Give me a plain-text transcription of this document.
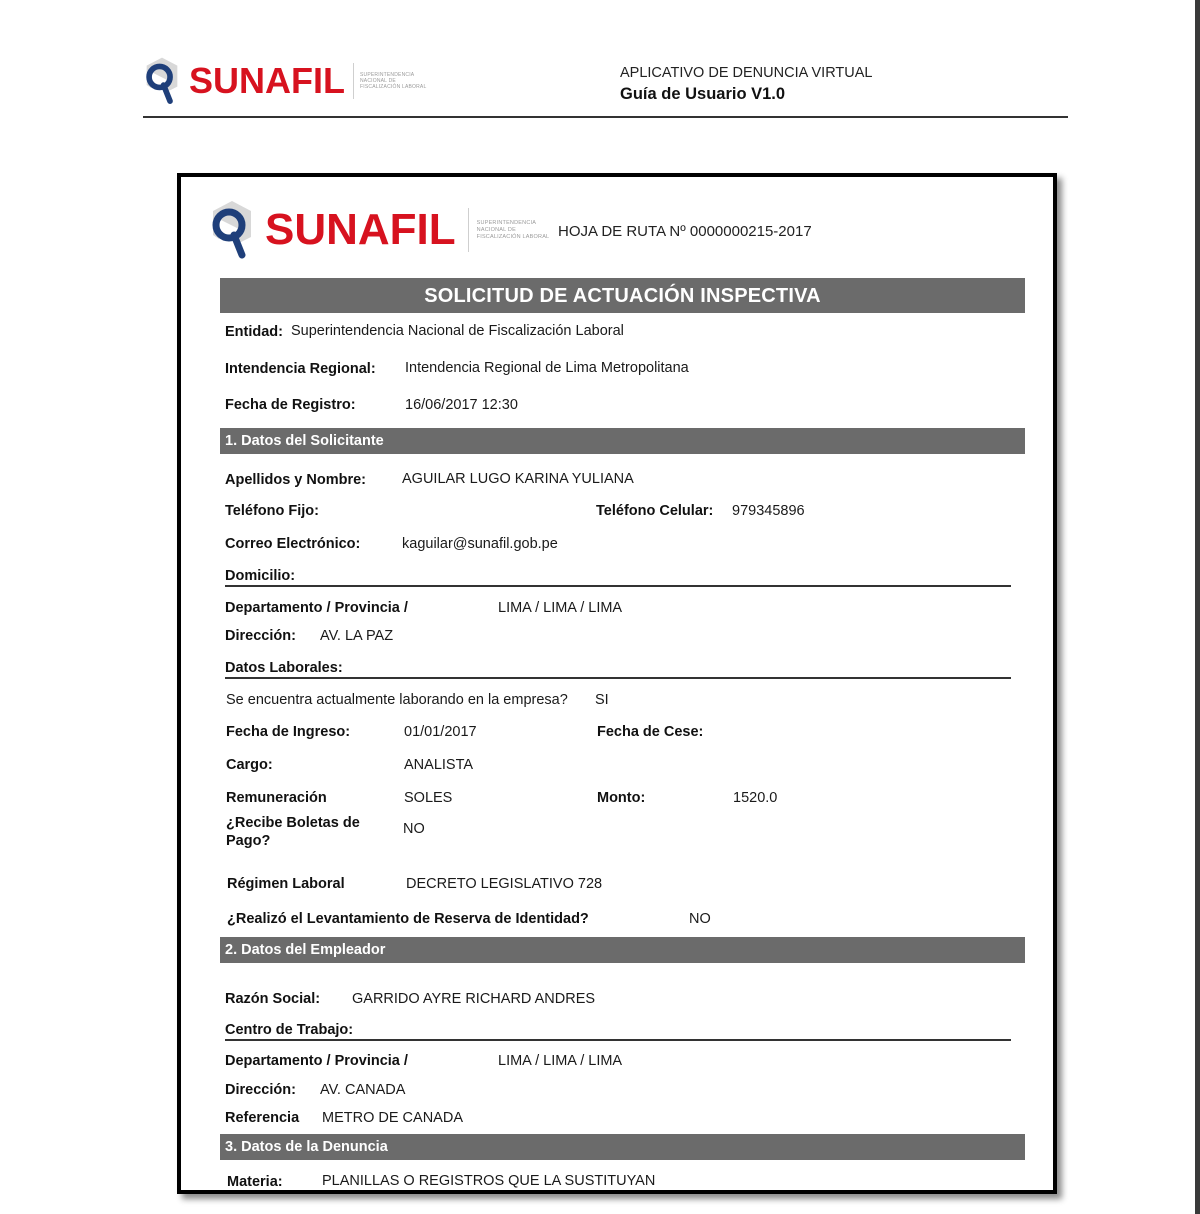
SUNAFIL	SUPERINTENDENCIA NACIONAL DE FISCALIZACIÓN LABORAL
APLICATIVO DE DENUNCIA VIRTUAL
Guía de Usuario V1.0
SUNAFIL	SUPERINTENDENCIA NACIONAL DE FISCALIZACIÓN LABORAL HOJA DE RUTA Nº 0000000215-2017
SOLICITUD DE ACTUACIÓN INSPECTIVA
Entidad: Superintendencia Nacional de Fiscalización Laboral
Intendencia Regional: Intendencia Regional de Lima Metropolitana
Fecha de Registro:	16/06/2017 12:30
1. Datos del Solicitante
Apellidos y Nombre: AGUILAR LUGO KARINA YULIANA
Teléfono Fijo:	Teléfono Celular: 979345896
Correo Electrónico:	kaguilar@sunafil.gob.pe
Domicilio:
Departamento / Provincia /	LIMA / LIMA / LIMA
Dirección: AV. LA PAZ
Datos Laborales:
Se encuentra actualmente laborando en la empresa? SI
Fecha de Ingreso:	01/01/2017	Fecha de Cese:
Cargo:	ANALISTA
Remuneración	SOLES	Monto:	1520.0
¿Recibe Boletas de
Pago?
NO
Régimen Laboral	DECRETO LEGISLATIVO 728
¿Realizó el Levantamiento de Reserva de Identidad?	NO
2. Datos del Empleador
Razón Social: GARRIDO AYRE RICHARD ANDRES
Centro de Trabajo:
Departamento / Provincia /	LIMA / LIMA / LIMA
Dirección: AV. CANADA
Referencia METRO DE CANADA
3. Datos de la Denuncia
Materia:	PLANILLAS O REGISTROS QUE LA SUSTITUYAN
